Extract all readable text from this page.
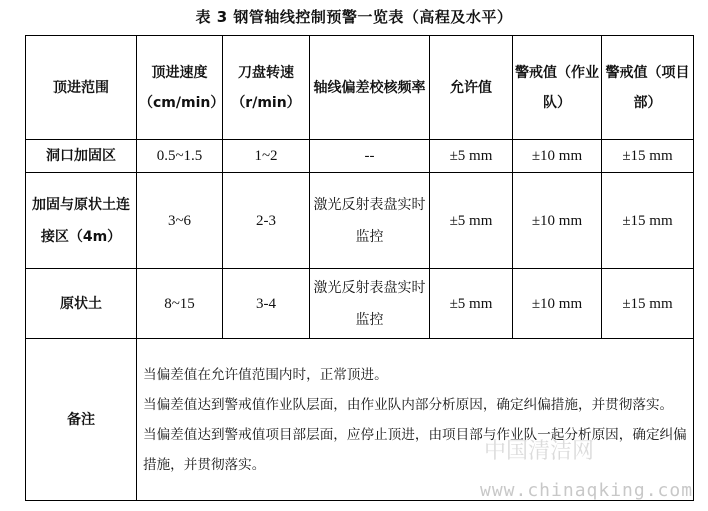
表 3 钢管轴线控制预警一览表（高程及水平）
顶进范围	顶进速度（cm/min）	刀盘转速（r/min）	轴线偏差校核频率	允许值	警戒值（作业队）	警戒值（项目部）
洞口加固区	0.5~1.5	1~2	--	±5 mm	±10 mm	±15 mm
加固与原状土连接区（4m）	3~6	2-3	激光反射表盘实时监控	±5 mm	±10 mm	±15 mm
原状土	8~15	3-4	激光反射表盘实时监控	±5 mm	±10 mm	±15 mm
备注	当偏差值在允许值范围内时，正常顶进。
当偏差值达到警戒值作业队层面，由作业队内部分析原因，确定纠偏措施，并贯彻落实。
当偏差值达到警戒值项目部层面，应停止顶进，由项目部与作业队一起分析原因，确定纠偏措施，并贯彻落实。					
中国清洁网
www.chinaqking.com
